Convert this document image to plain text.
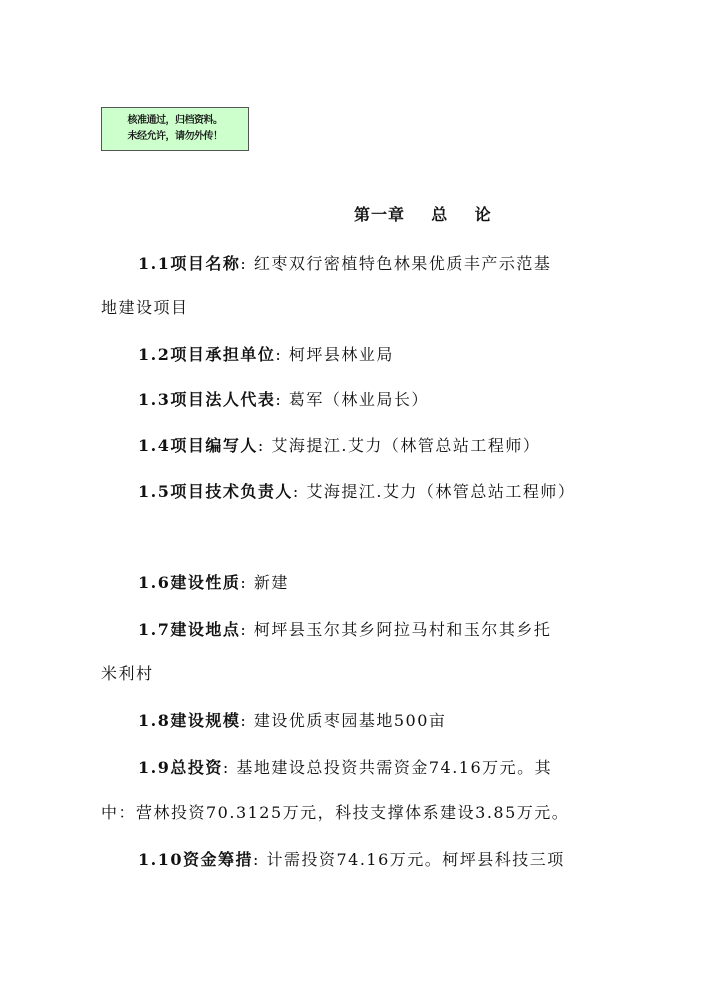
核准通过，归档资料。
未经允许，请勿外传！
第一章    总    论
1.1项目名称: 红枣双行密植特色林果优质丰产示范基
地建设项目
1.2项目承担单位: 柯坪县林业局
1.3项目法人代表: 葛军（林业局长）
1.4项目编写人: 艾海提江.艾力（林管总站工程师）
1.5项目技术负责人: 艾海提江.艾力（林管总站工程师）
1.6建设性质: 新建
1.7建设地点: 柯坪县玉尔其乡阿拉马村和玉尔其乡托
米利村
1.8建设规模: 建设优质枣园基地500亩
1.9总投资: 基地建设总投资共需资金74.16万元。其
中：营林投资70.3125万元，科技支撑体系建设3.85万元。
1.10资金筹措: 计需投资74.16万元。柯坪县科技三项
